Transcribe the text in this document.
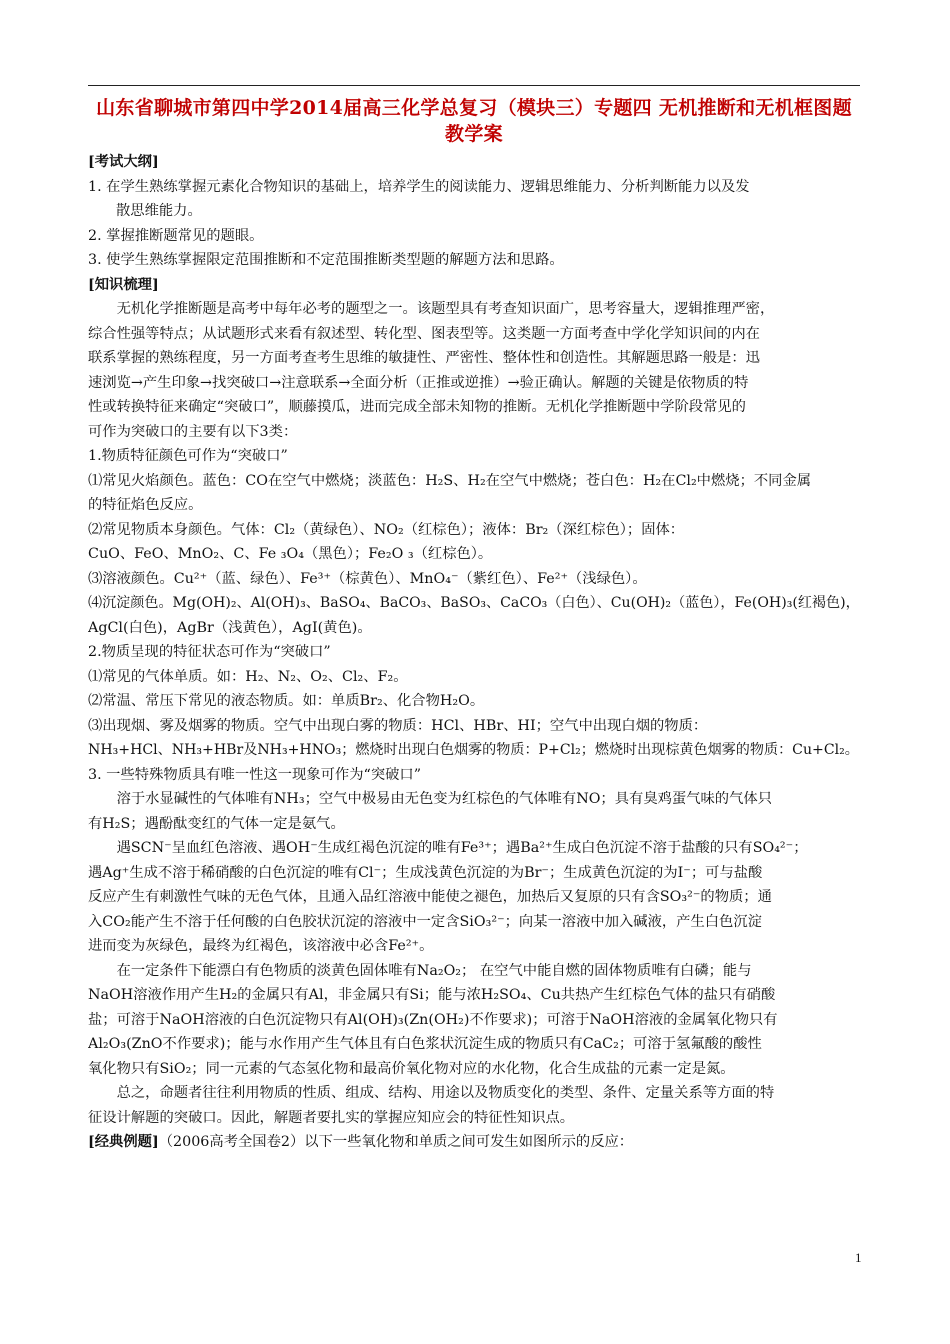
山东省聊城市第四中学2014届高三化学总复习（模块三）专题四 无机推断和无机框图题教学案
[考试大纲]
1. 在学生熟练掌握元素化合物知识的基础上，培养学生的阅读能力、逻辑思维能力、分析判断能力以及发
散思维能力。
2. 掌握推断题常见的题眼。
3. 使学生熟练掌握限定范围推断和不定范围推断类型题的解题方法和思路。
[知识梳理]
无机化学推断题是高考中每年必考的题型之一。该题型具有考查知识面广，思考容量大，逻辑推理严密，
综合性强等特点；从试题形式来看有叙述型、转化型、图表型等。这类题一方面考查中学化学知识间的内在
联系掌握的熟练程度，另一方面考查考生思维的敏捷性、严密性、整体性和创造性。其解题思路一般是：迅
速浏览→产生印象→找突破口→注意联系→全面分析（正推或逆推）→验正确认。解题的关键是依物质的特
性或转换特征来确定“突破口”，顺藤摸瓜，进而完成全部未知物的推断。无机化学推断题中学阶段常见的
可作为突破口的主要有以下3类：
1.物质特征颜色可作为“突破口”
⑴常见火焰颜色。蓝色：CO在空气中燃烧；淡蓝色：H₂S、H₂在空气中燃烧；苍白色：H₂在Cl₂中燃烧；不同金属
的特征焰色反应。
⑵常见物质本身颜色。气体：Cl₂（黄绿色）、NO₂（红棕色）；液体：Br₂（深红棕色）；固体：
CuO、FeO、MnO₂、C、Fe ₃O₄（黑色）；Fe₂O ₃（红棕色）。
⑶溶液颜色。Cu²⁺（蓝、绿色）、Fe³⁺（棕黄色）、MnO₄⁻（紫红色）、Fe²⁺（浅绿色）。
⑷沉淀颜色。Mg(OH)₂、Al(OH)₃、BaSO₄、BaCO₃、BaSO₃、CaCO₃（白色）、Cu(OH)₂（蓝色），Fe(OH)₃(红褐色)，
AgCl(白色)，AgBr（浅黄色），AgI(黄色)。
2.物质呈现的特征状态可作为“突破口”
⑴常见的气体单质。如：H₂、N₂、O₂、Cl₂、F₂。
⑵常温、常压下常见的液态物质。如：单质Br₂、化合物H₂O。
⑶出现烟、雾及烟雾的物质。空气中出现白雾的物质：HCl、HBr、HI；空气中出现白烟的物质：
NH₃+HCl、NH₃+HBr及NH₃+HNO₃；燃烧时出现白色烟雾的物质：P+Cl₂；燃烧时出现棕黄色烟雾的物质：Cu+Cl₂。
3. 一些特殊物质具有唯一性这一现象可作为“突破口”
溶于水显碱性的气体唯有NH₃；空气中极易由无色变为红棕色的气体唯有NO；具有臭鸡蛋气味的气体只
有H₂S；遇酚酞变红的气体一定是氨气。
遇SCN⁻呈血红色溶液、遇OH⁻生成红褐色沉淀的唯有Fe³⁺；遇Ba²⁺生成白色沉淀不溶于盐酸的只有SO₄²⁻；
遇Ag⁺生成不溶于稀硝酸的白色沉淀的唯有Cl⁻；生成浅黄色沉淀的为Br⁻；生成黄色沉淀的为I⁻；可与盐酸
反应产生有刺激性气味的无色气体，且通入品红溶液中能使之褪色，加热后又复原的只有含SO₃²⁻的物质；通
入CO₂能产生不溶于任何酸的白色胶状沉淀的溶液中一定含SiO₃²⁻；向某一溶液中加入碱液，产生白色沉淀
进而变为灰绿色，最终为红褐色，该溶液中必含Fe²⁺。
在一定条件下能漂白有色物质的淡黄色固体唯有Na₂O₂； 在空气中能自燃的固体物质唯有白磷；能与
NaOH溶液作用产生H₂的金属只有Al，非金属只有Si；能与浓H₂SO₄、Cu共热产生红棕色气体的盐只有硝酸
盐；可溶于NaOH溶液的白色沉淀物只有Al(OH)₃(Zn(OH₂)不作要求)；可溶于NaOH溶液的金属氧化物只有
Al₂O₃(ZnO不作要求)；能与水作用产生气体且有白色浆状沉淀生成的物质只有CaC₂；可溶于氢氟酸的酸性
氧化物只有SiO₂；同一元素的气态氢化物和最高价氧化物对应的水化物，化合生成盐的元素一定是氮。
总之，命题者往往利用物质的性质、组成、结构、用途以及物质变化的类型、条件、定量关系等方面的特
征设计解题的突破口。因此，解题者要扎实的掌握应知应会的特征性知识点。
[经典例题]（2006高考全国卷2）以下一些氧化物和单质之间可发生如图所示的反应：
1
